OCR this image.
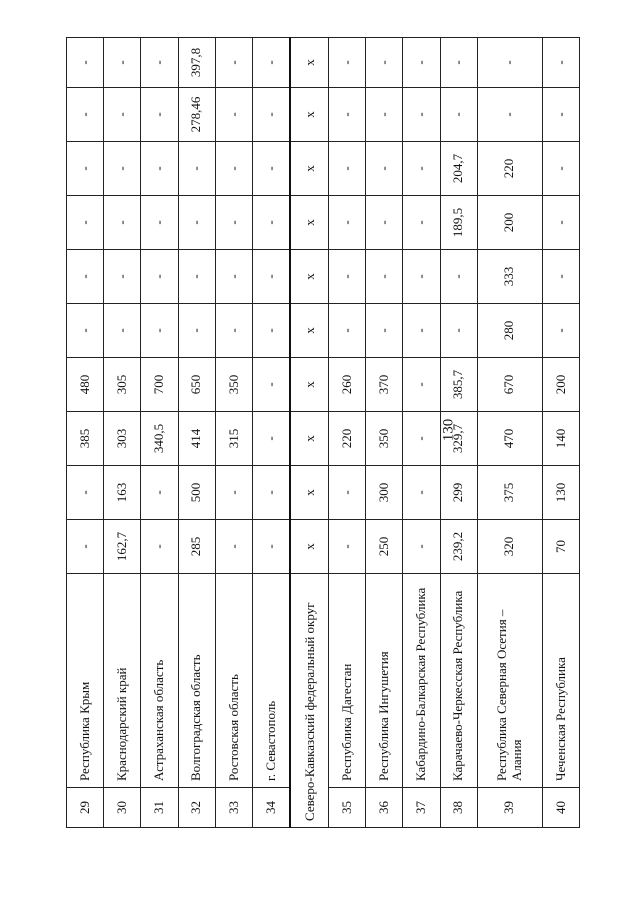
130
29	Республика Крым	-	-	385	480	-	-	-	-	-	-
30	Краснодарский край	162,7	163	303	305	-	-	-	-	-	-
31	Астраханская область	-	-	340,5	700	-	-	-	-	-	-
32	Волгоградская область	285	500	414	650	-	-	-	-	278,46	397,8
33	Ростовская область	-	-	315	350	-	-	-	-	-	-
34	г. Севастополь	-	-	-	-	-	-	-	-	-	-
Северо-Кавказский федеральный округ		х	х	х	х	х	х	х	х	х	х
35	Республика Дагестан	-	-	220	260	-	-	-	-	-	-
36	Республика Ингушетия	250	300	350	370	-	-	-	-	-	-
37	Кабардино-Балкарская Республика	-	-	-	-	-	-	-	-	-	-
38	Карачаево-Черкесская Республика	239,2	299	329,7	385,7	-	-	189,5	204,7	-	-
39	Республика Северная Осетия – Алания	320	375	470	670	280	333	200	220	-	-
40	Чеченская Республика	70	130	140	200	-	-	-	-	-	-
